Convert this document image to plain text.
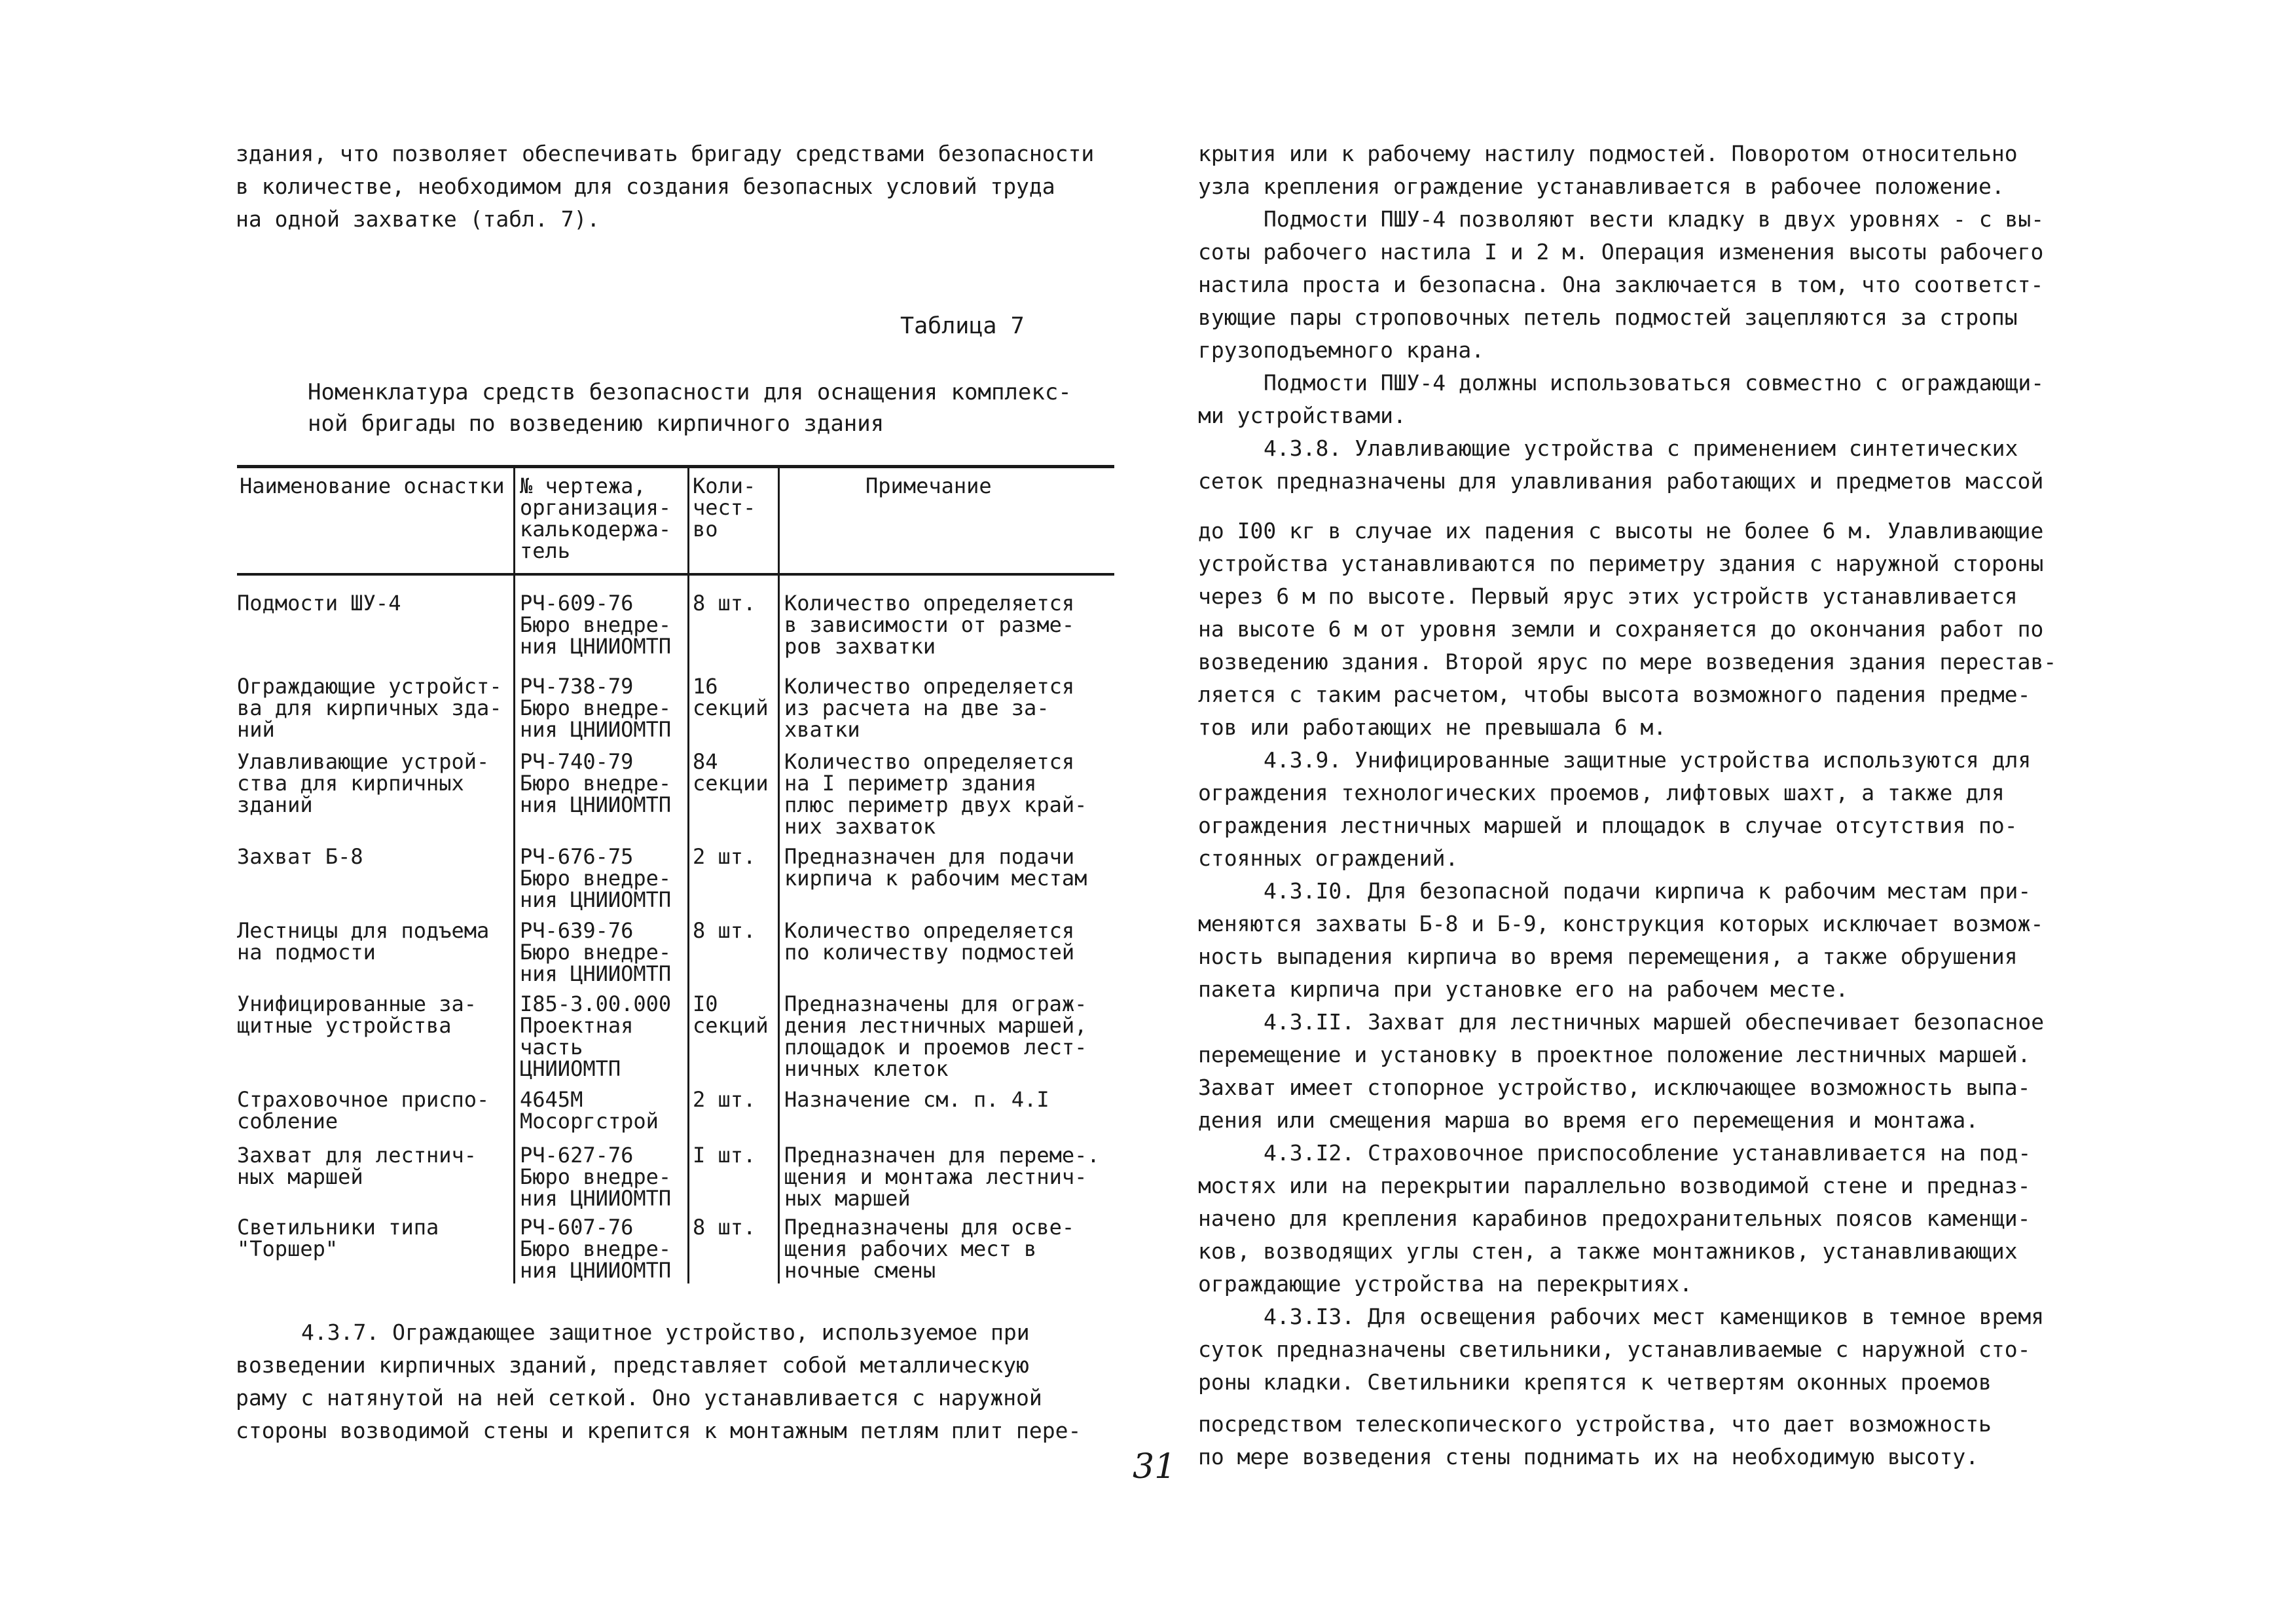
здания, что позволяет обеспечивать бригаду средствами безопасности
в количестве, необходимом для создания безопасных условий труда
на одной захватке (табл. 7).

Таблица 7

Номенклатура средств безопасности для оснащения комплекс-
ной бригады по возведению кирпичного здания

Наименование оснастки № чертежа,
организация-
калькодержа-
тель
Коли-
чест-
во
Примечание
Подмости ШУ-4	РЧ-609-76
Бюро внедре-
ния ЦНИИОМТП
8 шт. Количество определяется
в зависимости от разме-
ров захватки
Ограждающие устройст-
ва для кирпичных зда-
ний
РЧ-738-79
Бюро внедре-
ния ЦНИИОМТП
16
секций
Количество определяется
из расчета на две за-
хватки
Улавливающие устрой-
ства для кирпичных
зданий
РЧ-740-79
Бюро внедре-
ния ЦНИИОМТП
84
секции
Количество определяется
на I периметр здания
плюс периметр двух край-
них захваток
Захват Б-8	РЧ-676-75
Бюро внедре-
ния ЦНИИОМТП
2 шт. Предназначен для подачи
кирпича к рабочим местам
Лестницы для подъема
на подмости
РЧ-639-76
Бюро внедре-
ния ЦНИИОМТП
8 шт. Количество определяется
по количеству подмостей
Унифицированные за-
щитные устройства
I85-3.00.000
Проектная
часть
ЦНИИОМТП
I0
секций
Предназначены для ограж-
дения лестничных маршей,
площадок и проемов лест-
ничных клеток
Страховочное приспо-
собление
4645М
Мосоргстрой
2 шт. Назначение см. п. 4.I
Захват для лестнич-
ных маршей
РЧ-627-76
Бюро внедре-
ния ЦНИИОМТП
I шт. Предназначен для переме-.
щения и монтажа лестнич-
ных маршей
Светильники типа
"Торшер"
РЧ-607-76
Бюро внедре-
ния ЦНИИОМТП
8 шт. Предназначены для осве-
щения рабочих мест в
ночные смены

4.3.7. Ограждающее защитное устройство, используемое при
возведении кирпичных зданий, представляет собой металлическую
раму с натянутой на ней сеткой. Оно устанавливается с наружной
стороны возводимой стены и крепится к монтажным петлям плит пере-

крытия или к рабочему настилу подмостей. Поворотом относительно
узла крепления ограждение устанавливается в рабочее положение.

Подмости ПШУ-4 позволяют вести кладку в двух уровнях - с вы-
соты рабочего настила I и 2 м. Операция изменения высоты рабочего
настила проста и безопасна. Она заключается в том, что соответст-
вующие пары строповочных петель подмостей зацепляются за стропы
грузоподъемного крана.

Подмости ПШУ-4 должны использоваться совместно с ограждающи-
ми устройствами.

4.3.8. Улавливающие устройства с применением синтетических
сеток предназначены для улавливания работающих и предметов массой

до I00 кг в случае их падения с высоты не более 6 м. Улавливающие
устройства устанавливаются по периметру здания с наружной стороны
через 6 м по высоте. Первый ярус этих устройств устанавливается
на высоте 6 м от уровня земли и сохраняется до окончания работ по
возведению здания. Второй ярус по мере возведения здания перестав-
ляется с таким расчетом, чтобы высота возможного падения предме-
тов или работающих не превышала 6 м.

4.3.9. Унифицированные защитные устройства используются для
ограждения технологических проемов, лифтовых шахт, а также для
ограждения лестничных маршей и площадок в случае отсутствия по-
стоянных ограждений.

4.3.I0. Для безопасной подачи кирпича к рабочим местам при-
меняются захваты Б-8 и Б-9, конструкция которых исключает возмож-
ность выпадения кирпича во время перемещения, а также обрушения
пакета кирпича при установке его на рабочем месте.

4.3.II. Захват для лестничных маршей обеспечивает безопасное
перемещение и установку в проектное положение лестничных маршей.
Захват имеет стопорное устройство, исключающее возможность выпа-
дения или смещения марша во время его перемещения и монтажа.

4.3.I2. Страховочное приспособление устанавливается на под-
мостях или на перекрытии параллельно возводимой стене и предназ-
начено для крепления карабинов предохранительных поясов каменщи-
ков, возводящих углы стен, а также монтажников, устанавливающих
ограждающие устройства на перекрытиях.

4.3.I3. Для освещения рабочих мест каменщиков в темное время
суток предназначены светильники, устанавливаемые с наружной сто-
роны кладки. Светильники крепятся к четвертям оконных проемов

посредством телескопического устройства, что дает возможность
по мере возведения стены поднимать их на необходимую высоту.

31
